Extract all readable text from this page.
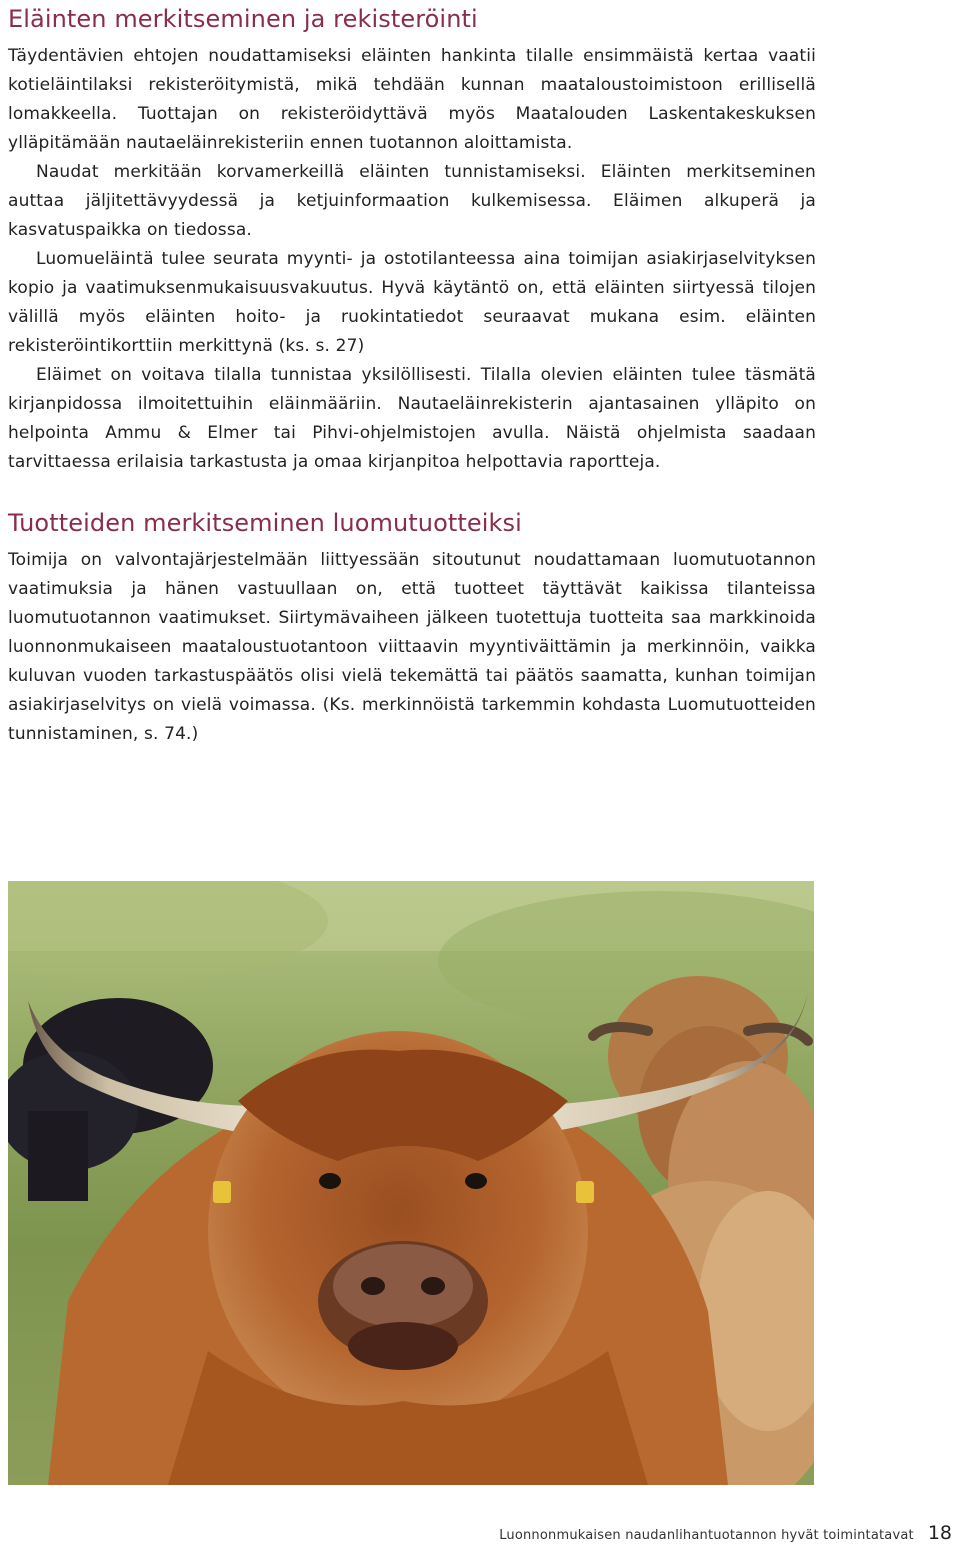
Eläinten merkitseminen ja rekisteröinti

Täydentävien ehtojen noudattamiseksi eläinten hankinta tilalle ensimmäistä kertaa vaatii kotieläintilaksi rekisteröitymistä, mikä tehdään kunnan maataloustoimistoon erillisellä lomakkeella. Tuottajan on rekisteröidyttävä myös Maatalouden Laskentakeskuksen ylläpitämään nautaeläinrekisteriin ennen tuotannon aloittamista.

Naudat merkitään korvamerkeillä eläinten tunnistamiseksi. Eläinten merkitseminen auttaa jäljitettävyydessä ja ketjuinformaation kulkemisessa. Eläimen alkuperä ja kasvatuspaikka on tiedossa.

Luomueläintä tulee seurata myynti- ja ostotilanteessa aina toimijan asiakirjaselvityksen kopio ja vaatimuksenmukaisuusvakuutus. Hyvä käytäntö on, että eläinten siirtyessä tilojen välillä myös eläinten hoito- ja ruokintatiedot seuraavat mukana esim. eläinten rekisteröintikorttiin merkittynä (ks. s. 27)

Eläimet on voitava tilalla tunnistaa yksilöllisesti. Tilalla olevien eläinten tulee täsmätä kirjanpidossa ilmoitettuihin eläinmääriin. Nautaeläinrekisterin ajantasainen ylläpito on helpointa Ammu & Elmer tai Pihvi-ohjelmistojen avulla. Näistä ohjelmista saadaan tarvittaessa erilaisia tarkastusta ja omaa kirjanpitoa helpottavia raportteja.

Tuotteiden merkitseminen luomutuotteiksi

Toimija on valvontajärjestelmään liittyessään sitoutunut noudattamaan luomutuotannon vaatimuksia ja hänen vastuullaan on, että tuotteet täyttävät kaikissa tilanteissa luomutuotannon vaatimukset. Siirtymävaiheen jälkeen tuotettuja tuotteita saa markkinoida luonnonmukaiseen maataloustuotantoon viittaavin myyntiväittämin ja merkinnöin, vaikka kuluvan vuoden tarkastuspäätös olisi vielä tekemättä tai päätös saamatta, kunhan toimijan asiakirjaselvitys on vielä voimassa. (Ks. merkinnöistä tarkemmin kohdasta Luomutuotteiden tunnistaminen, s. 74.)

Luonnonmukaisen naudanlihantuotannon hyvät toimintatavat 18
